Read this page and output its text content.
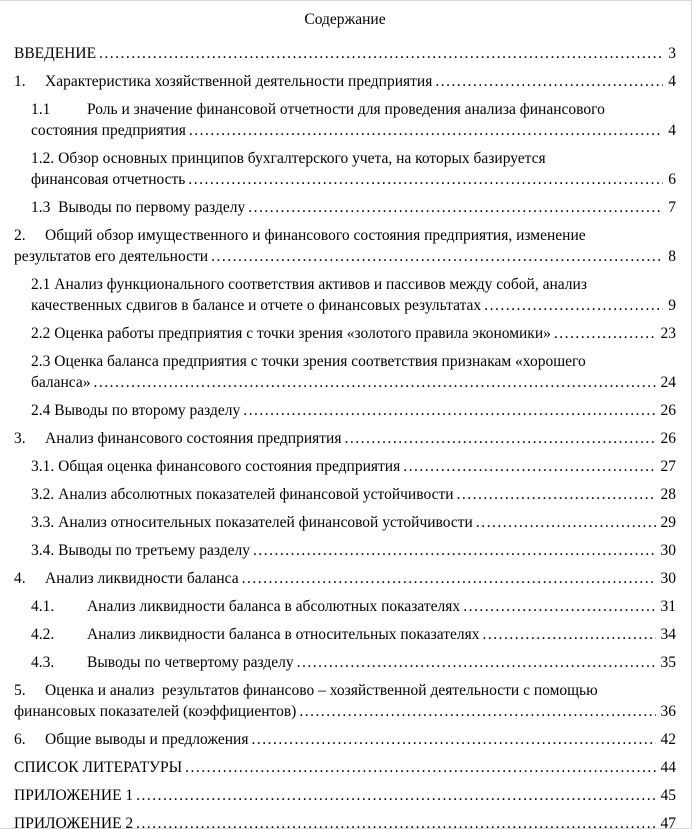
Содержание
ВВЕДЕНИЕ .....	3
1.	Характеристика хозяйственной деятельности предприятия .....	4
1.1 Роль и значение финансовой отчетности для проведения анализа финансового
состояния предприятия .....	4
1.2. Обзор основных принципов бухгалтерского учета, на которых базируется
финансовая отчетность .....	6
1.3  Выводы по первому разделу .....	7
2. Общий обзор имущественного и финансового состояния предприятия, изменение
результатов его деятельности .....	8
2.1 Анализ функционального соответствия активов и пассивов между собой, анализ
качественных сдвигов в балансе и отчете о финансовых результатах .....	9
2.2 Оценка работы предприятия с точки зрения «золотого правила экономики» .....	23
2.3 Оценка баланса предприятия с точки зрения соответствия признакам «хорошего
баланса» .....	24
2.4 Выводы по второму разделу .....	26
3.	Анализ финансового состояния предприятия .....	26
3.1. Общая оценка финансового состояния предприятия .....	27
3.2. Анализ абсолютных показателей финансовой устойчивости .....	28
3.3. Анализ относительных показателей финансовой устойчивости .....	29
3.4. Выводы по третьему разделу .....	30
4.	Анализ ликвидности баланса .....	30
4.1.	Анализ ликвидности баланса в абсолютных показателях .....	31
4.2.	Анализ ликвидности баланса в относительных показателях .....	34
4.3.	Выводы по четвертому разделу .....	35
5. Оценка и анализ  результатов финансово – хозяйственной деятельности с помощью
финансовых показателей (коэффициентов) .....	36
6.	Общие выводы и предложения .....	42
СПИСОК ЛИТЕРАТУРЫ .....	44
ПРИЛОЖЕНИЕ 1 .....	45
ПРИЛОЖЕНИЕ 2 .....	47
